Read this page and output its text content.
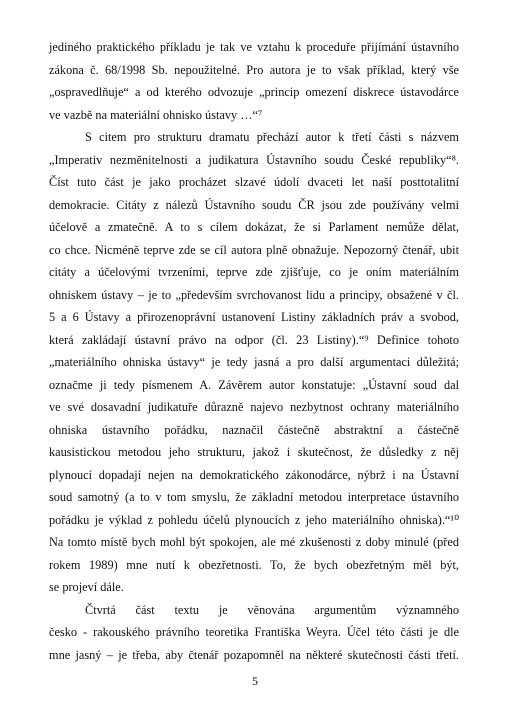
jediného praktického příkladu je tak ve vztahu k proceduře přijímání ústavního
zákona č. 68/1998 Sb. nepoužitelné. Pro autora je to však příklad, který vše
„ospravedlňuje“ a od kterého odvozuje „princip omezení diskrece ústavodárce
ve vazbě na materiální ohnisko ústavy …“⁷
S citem pro strukturu dramatu přechází autor k třetí části s názvem
„Imperativ nezměnitelnosti a judikatura Ústavního soudu České republiky“⁸.
Číst tuto část je jako procházet slzavé údolí dvaceti let naší posttotalitní
demokracie. Citáty z nálezů Ústavního soudu ČR jsou zde používány velmi
účelově a zmatečně. A to s cílem dokázat, že si Parlament nemůže dělat,
co chce. Nicméně teprve zde se cíl autora plně obnažuje. Nepozorný čtenář, ubit
citáty a účelovými tvrzeními, teprve zde zjišťuje, co je oním materiálním
ohniskem ústavy – je to „především svrchovanost lidu a principy, obsažené v čl.
5 a 6 Ústavy a přirozenoprávní ustanovení Listiny základních práv a svobod,
která zakládají ústavní právo na odpor (čl. 23 Listiny).“⁹ Definice tohoto
„materiálního ohniska ústavy“ je tedy jasná a pro další argumentaci důležitá;
označme ji tedy písmenem A. Závěrem autor konstatuje: „Ústavní soud dal
ve své dosavadní judikatuře důrazně najevo nezbytnost ochrany materiálního
ohniska ústavního pořádku, naznačil částečně abstraktní a částečně
kausistickou metodou jeho strukturu, jakož i skutečnost, že důsledky z něj
plynoucí dopadají nejen na demokratického zákonodárce, nýbrž i na Ústavní
soud samotný (a to v tom smyslu, že základní metodou interpretace ústavního
pořádku je výklad z pohledu účelů plynoucích z jeho materiálního ohniska).“¹⁰
Na tomto místě bych mohl být spokojen, ale mé zkušenosti z doby minulé (před
rokem 1989) mne nutí k obezřetnosti. To, že bych obezřetným měl být,
se projeví dále.
Čtvrtá část textu je věnována argumentům významného
česko - rakouského právního teoretika Františka Weyra. Účel této části je dle
mne jasný – je třeba, aby čtenář pozapomněl na některé skutečnosti části třetí.
5
